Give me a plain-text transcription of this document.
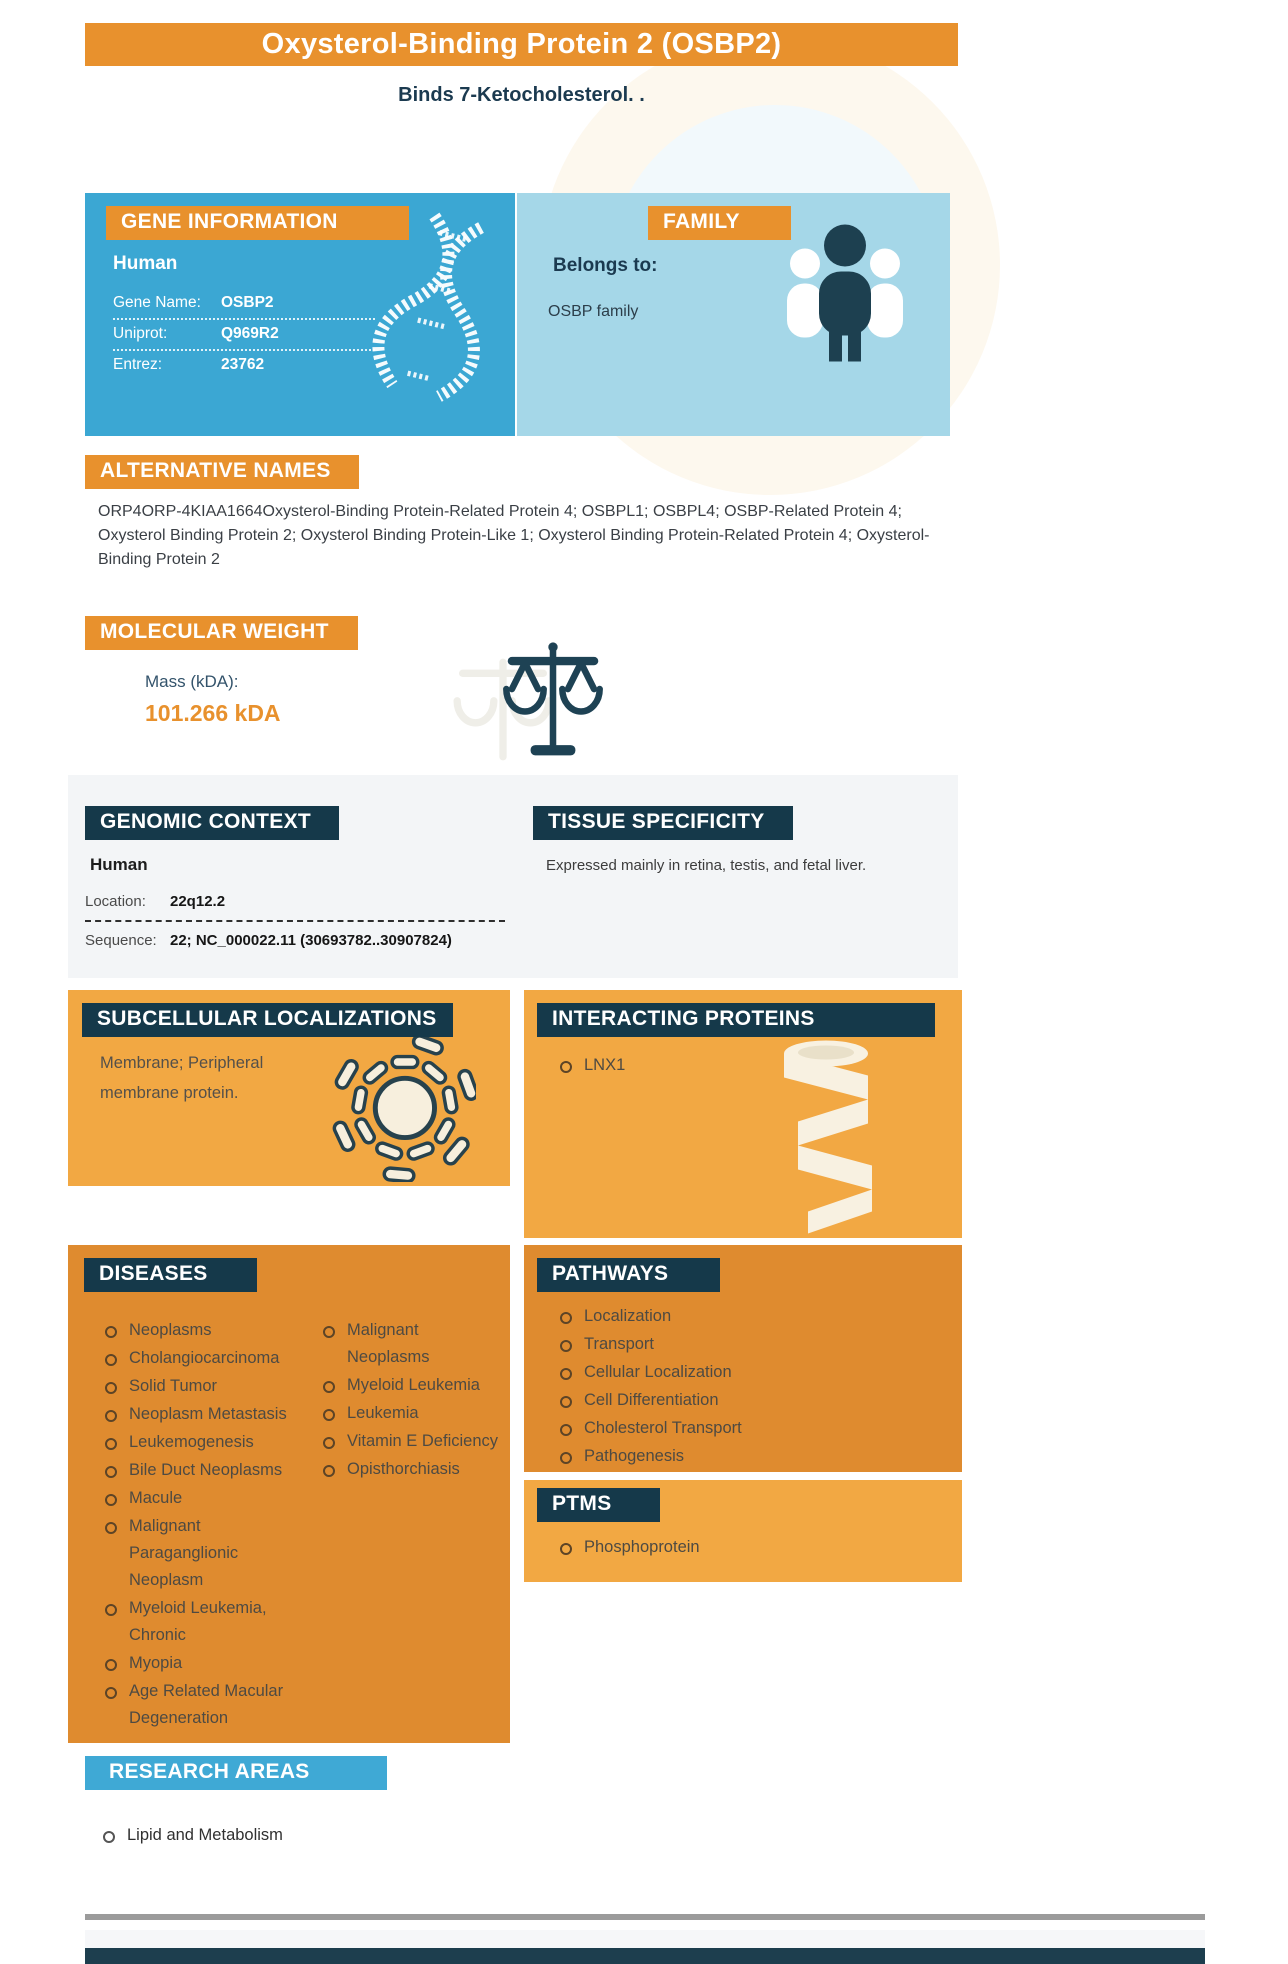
Oxysterol-Binding Protein 2 (OSBP2)
Binds 7-Ketocholesterol. .
GENE INFORMATION
Human
Gene Name:	OSBP2
Uniprot:	Q969R2
Entrez:	23762
FAMILY
Belongs to:
OSBP family
ALTERNATIVE NAMES
ORP4ORP-4KIAA1664Oxysterol-Binding Protein-Related Protein 4; OSBPL1; OSBPL4; OSBP-Related Protein 4; Oxysterol Binding Protein 2; Oxysterol Binding Protein-Like 1; Oxysterol Binding Protein-Related Protein 4; Oxysterol-Binding Protein 2
MOLECULAR WEIGHT
Mass (kDA):
101.266 kDA
GENOMIC CONTEXT
Human
Location:	22q12.2
Sequence: 22; NC_000022.11 (30693782..30907824)
TISSUE SPECIFICITY
Expressed mainly in retina, testis, and fetal liver.
SUBCELLULAR LOCALIZATIONS
Membrane; Peripheral membrane protein.
INTERACTING PROTEINS
LNX1
DISEASES
Neoplasms
Cholangiocarcinoma
Solid Tumor
Neoplasm Metastasis
Leukemogenesis
Bile Duct Neoplasms
Macule
Malignant Paraganglionic Neoplasm
Myeloid Leukemia, Chronic
Myopia
Age Related Macular Degeneration
Malignant Neoplasms
Myeloid Leukemia
Leukemia
Vitamin E Deficiency
Opisthorchiasis
PATHWAYS
Localization
Transport
Cellular Localization
Cell Differentiation
Cholesterol Transport
Pathogenesis
PTMS
Phosphoprotein
RESEARCH AREAS
Lipid and Metabolism
